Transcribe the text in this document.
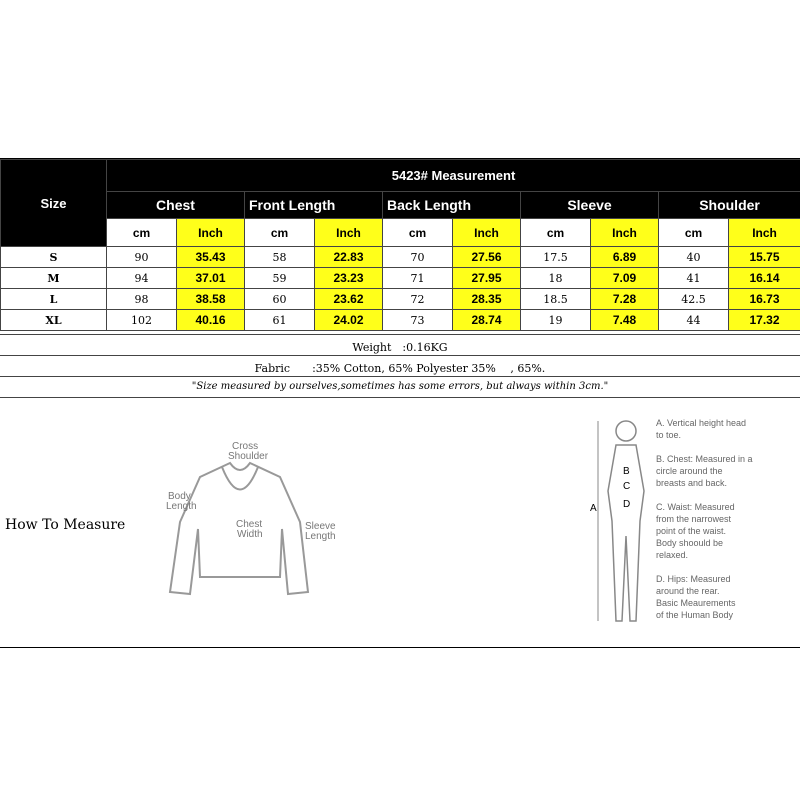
Size	5423# Measurement									
	Chest		Front Length		Back Length		Sleeve		Shoulder	
	cm	Inch	cm	Inch	cm	Inch	cm	Inch	cm	Inch
S	90	35.43	58	22.83	70	27.56	17.5	6.89	40	15.75
M	94	37.01	59	23.23	71	27.95	18	7.09	41	16.14
L	98	38.58	60	23.62	72	28.35	18.5	7.28	42.5	16.73
XL	102	40.16	61	24.02	73	28.74	19	7.48	44	17.32
Weight　:0.16KG
Fabric　　:35% Cotton, 65% Polyester 35% 　, 65%.
"Size measured by ourselves,sometimes has some errors, but always within 3cm."
How To Measure
Cross
Shoulder
Body
Length
Chest
Width
Sleeve
Length
A
B
C
D
A. Vertical height head
to toe.
B. Chest: Measured in a
circle around the
breasts and back.
C. Waist: Measured
from the narrowest
point of the waist.
Body shoould be
relaxed.
D. Hips: Measured
around the rear.
Basic Meaurements
of the Human Body
